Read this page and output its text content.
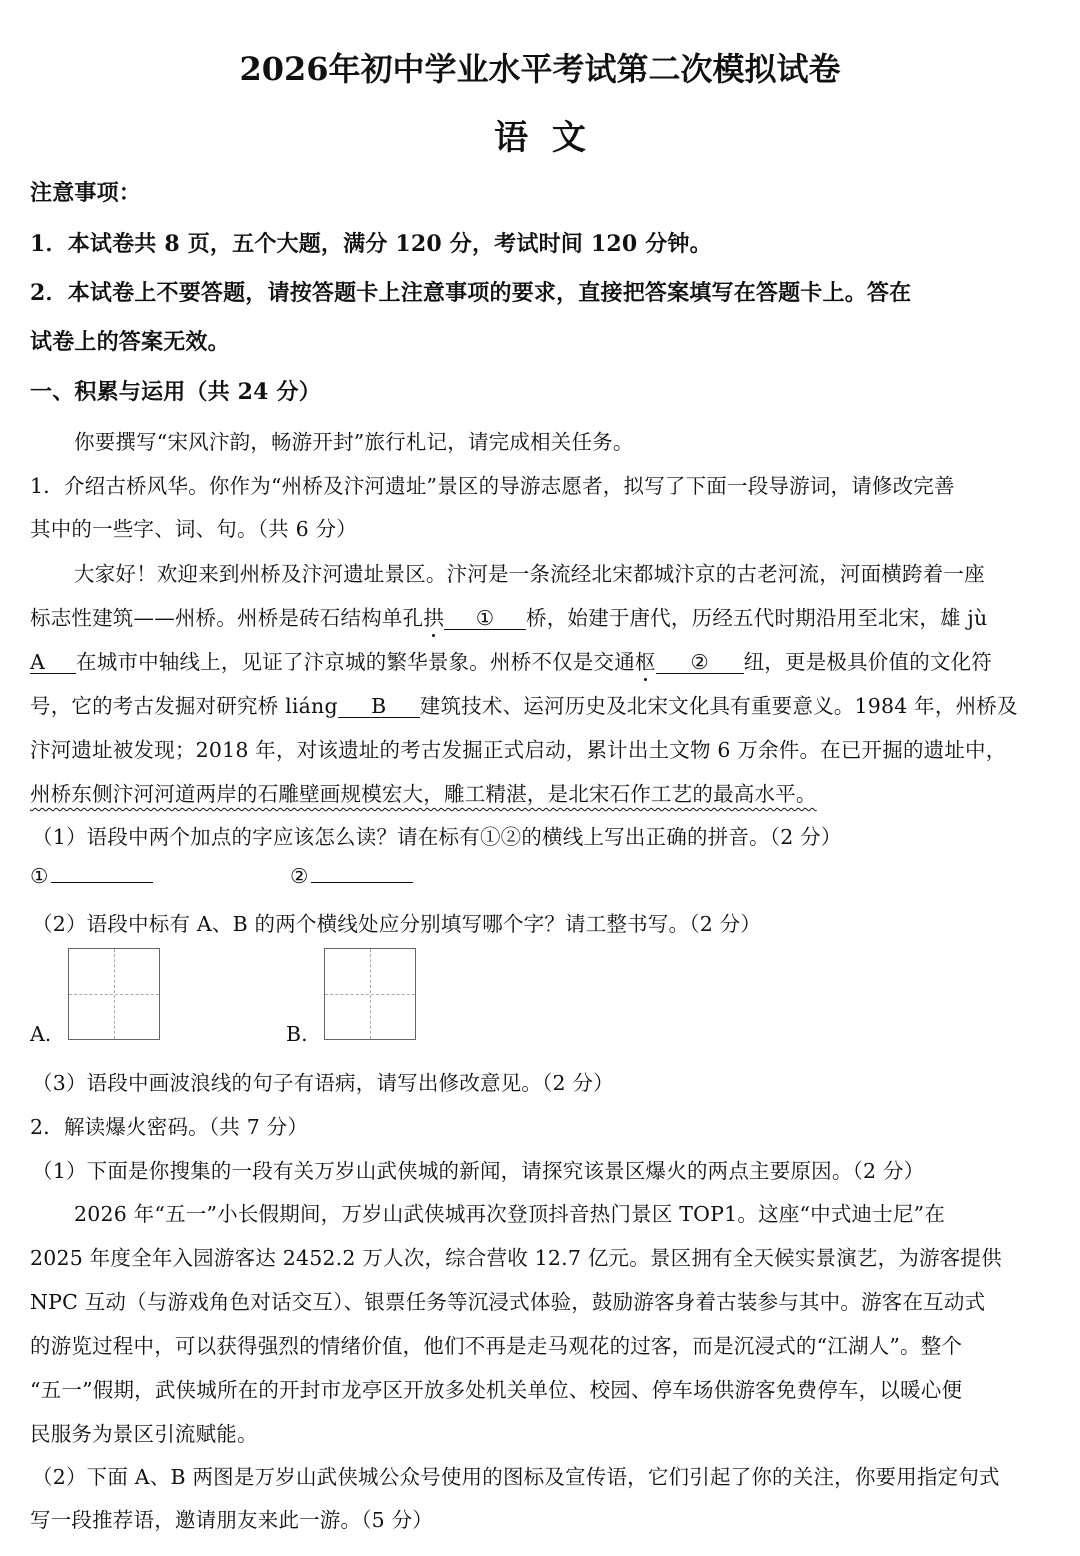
2026年初中学业水平考试第二次模拟试卷
语  文
注意事项：
1．本试卷共 8 页，五个大题，满分 120 分，考试时间 120 分钟。
2．本试卷上不要答题，请按答题卡上注意事项的要求，直接把答案填写在答题卡上。答在
试卷上的答案无效。
一、积累与运用（共 24 分）
你要撰写“宋风汴韵，畅游开封”旅行札记，请完成相关任务。
1．介绍古桥风华。你作为“州桥及汴河遗址”景区的导游志愿者，拟写了下面一段导游词，请修改完善
其中的一些字、词、句。（共 6 分）
大家好！欢迎来到州桥及汴河遗址景区。汴河是一条流经北宋都城汴京的古老河流，河面横跨着一座
标志性建筑——州桥。州桥是砖石结构单孔拱 ① 桥，始建于唐代，历经五代时期沿用至北宋，雄 jù
A 在城市中轴线上，见证了汴京城的繁华景象。州桥不仅是交通枢 ② 纽，更是极具价值的文化符
号，它的考古发掘对研究桥 liáng B 建筑技术、运河历史及北宋文化具有重要意义。1984 年，州桥及
汴河遗址被发现；2018 年，对该遗址的考古发掘正式启动，累计出土文物 6 万余件。在已开掘的遗址中，
州桥东侧汴河河道两岸的石雕壁画规模宏大，雕工精湛，是北宋石作工艺的最高水平。
（1）语段中两个加点的字应该怎么读？请在标有①②的横线上写出正确的拼音。（2 分）
①	②
（2）语段中标有 A、B 的两个横线处应分别填写哪个字？请工整书写。（2 分）
A.	B.
（3）语段中画波浪线的句子有语病，请写出修改意见。（2 分）
2．解读爆火密码。（共 7 分）
（1）下面是你搜集的一段有关万岁山武侠城的新闻，请探究该景区爆火的两点主要原因。（2 分）
2026 年“五一”小长假期间，万岁山武侠城再次登顶抖音热门景区 TOP1。这座“中式迪士尼”在
2025 年度全年入园游客达 2452.2 万人次，综合营收 12.7 亿元。景区拥有全天候实景演艺，为游客提供
NPC 互动（与游戏角色对话交互）、银票任务等沉浸式体验，鼓励游客身着古装参与其中。游客在互动式
的游览过程中，可以获得强烈的情绪价值，他们不再是走马观花的过客，而是沉浸式的“江湖人”。整个
“五一”假期，武侠城所在的开封市龙亭区开放多处机关单位、校园、停车场供游客免费停车，以暖心便
民服务为景区引流赋能。
（2）下面 A、B 两图是万岁山武侠城公众号使用的图标及宣传语，它们引起了你的关注，你要用指定句式
写一段推荐语，邀请朋友来此一游。（5 分）
